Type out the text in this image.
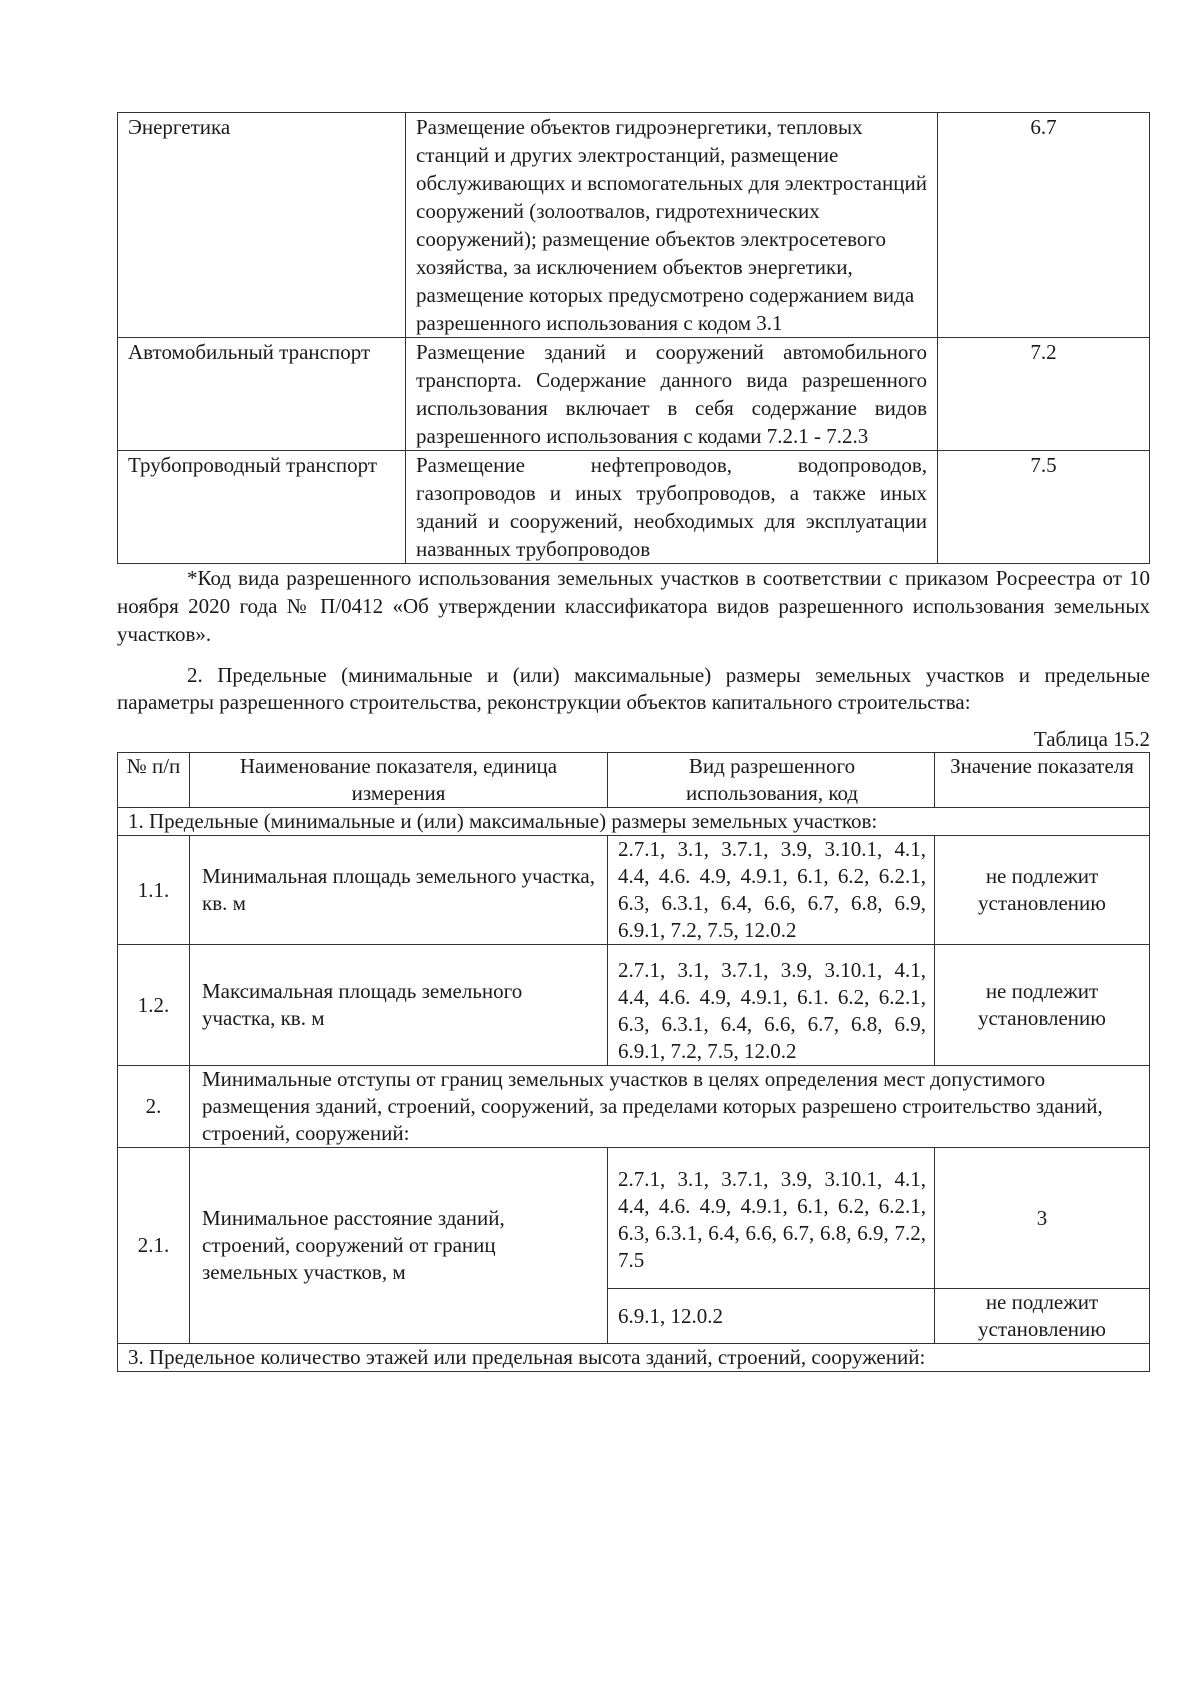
Энергетика	Размещение объектов гидроэнергетики, тепловых станций и других электростанций, размещение обслуживающих и вспомогательных для электростанций сооружений (золоотвалов, гидротехнических сооружений); размещение объектов электросетевого хозяйства, за исключением объектов энергетики, размещение которых предусмотрено содержанием вида разрешенного использования с кодом 3.1	6.7
Автомобильный транспорт	Размещение зданий и сооружений автомобильного транспорта. Содержание данного вида разрешенного использования включает в себя содержание видов разрешенного использования с кодами 7.2.1 - 7.2.3	7.2
Трубопроводный транспорт	Размещение нефтепроводов, водопроводов, газопроводов и иных трубопроводов, а также иных зданий и сооружений, необходимых для эксплуатации названных трубопроводов	7.5

*Код вида разрешенного использования земельных участков в соответствии с приказом Росреестра от 10 ноября 2020 года № П/0412 «Об утверждении классификатора видов разрешенного использования земельных участков».

2. Предельные (минимальные и (или) максимальные) размеры земельных участков и предельные параметры разрешенного строительства, реконструкции объектов капитального строительства:

Таблица 15.2
№ п/п	Наименование показателя, единица измерения	Вид разрешенного использования, код	Значение показателя
1. Предельные (минимальные и (или) максимальные) размеры земельных участков:			
1.1.	Минимальная площадь земельного участка, кв. м	2.7.1, 3.1, 3.7.1, 3.9, 3.10.1, 4.1, 4.4, 4.6. 4.9, 4.9.1, 6.1, 6.2, 6.2.1, 6.3, 6.3.1, 6.4, 6.6, 6.7, 6.8, 6.9, 6.9.1, 7.2, 7.5, 12.0.2	не подлежит установлению
1.2.	Максимальная площадь земельного участка, кв. м	2.7.1, 3.1, 3.7.1, 3.9, 3.10.1, 4.1, 4.4, 4.6. 4.9, 4.9.1, 6.1. 6.2, 6.2.1, 6.3, 6.3.1, 6.4, 6.6, 6.7, 6.8, 6.9, 6.9.1, 7.2, 7.5, 12.0.2	не подлежит установлению
2.	Минимальные отступы от границ земельных участков в целях определения мест допустимого размещения зданий, строений, сооружений, за пределами которых разрешено строительство зданий, строений, сооружений:		
2.1.	Минимальное расстояние зданий, строений, сооружений от границ земельных участков, м	2.7.1, 3.1, 3.7.1, 3.9, 3.10.1, 4.1, 4.4, 4.6. 4.9, 4.9.1, 6.1, 6.2, 6.2.1, 6.3, 6.3.1, 6.4, 6.6, 6.7, 6.8, 6.9, 7.2, 7.5	3
		6.9.1, 12.0.2	не подлежит установлению
3. Предельное количество этажей или предельная высота зданий, строений, сооружений:			
